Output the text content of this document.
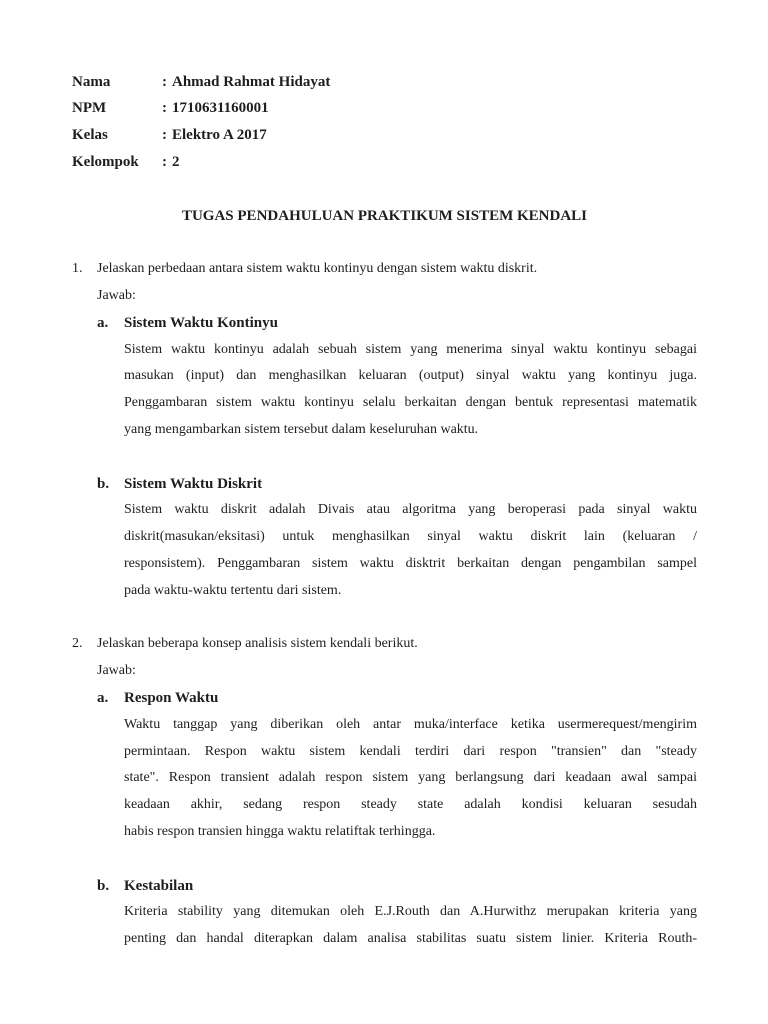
Nama	: Ahmad Rahmat Hidayat
NPM	: 1710631160001
Kelas	: Elektro A 2017
Kelompok	: 2
TUGAS PENDAHULUAN PRAKTIKUM SISTEM KENDALI
1.	Jelaskan perbedaan antara sistem waktu kontinyu dengan sistem waktu diskrit.
Jawab:
a.	Sistem Waktu Kontinyu
Sistem waktu kontinyu adalah sebuah sistem yang menerima sinyal waktu kontinyu sebagai
masukan (input) dan menghasilkan keluaran (output) sinyal waktu yang kontinyu juga.
Penggambaran sistem waktu kontinyu selalu berkaitan dengan bentuk representasi matematik
yang mengambarkan sistem tersebut dalam keseluruhan waktu.
b. Sistem Waktu Diskrit
Sistem waktu diskrit adalah Divais atau algoritma yang beroperasi pada sinyal waktu
diskrit(masukan/eksitasi) untuk menghasilkan sinyal waktu diskrit lain (keluaran /
responsistem). Penggambaran sistem waktu disktrit berkaitan dengan pengambilan sampel
pada waktu-waktu tertentu dari sistem.
2.	Jelaskan beberapa konsep analisis sistem kendali berikut.
Jawab:
a.	Respon Waktu
Waktu tanggap yang diberikan oleh antar muka/interface ketika usermerequest/mengirim
permintaan. Respon waktu sistem kendali terdiri dari respon "transien" dan "steady
state". Respon transient adalah respon sistem yang berlangsung dari keadaan awal sampai
keadaan akhir, sedang respon steady state adalah kondisi keluaran sesudah
habis respon transien hingga waktu relatiftak terhingga.
b. Kestabilan
Kriteria stability yang ditemukan oleh E.J.Routh dan A.Hurwithz merupakan kriteria yang
penting dan handal diterapkan dalam analisa stabilitas suatu sistem linier. Kriteria Routh-
